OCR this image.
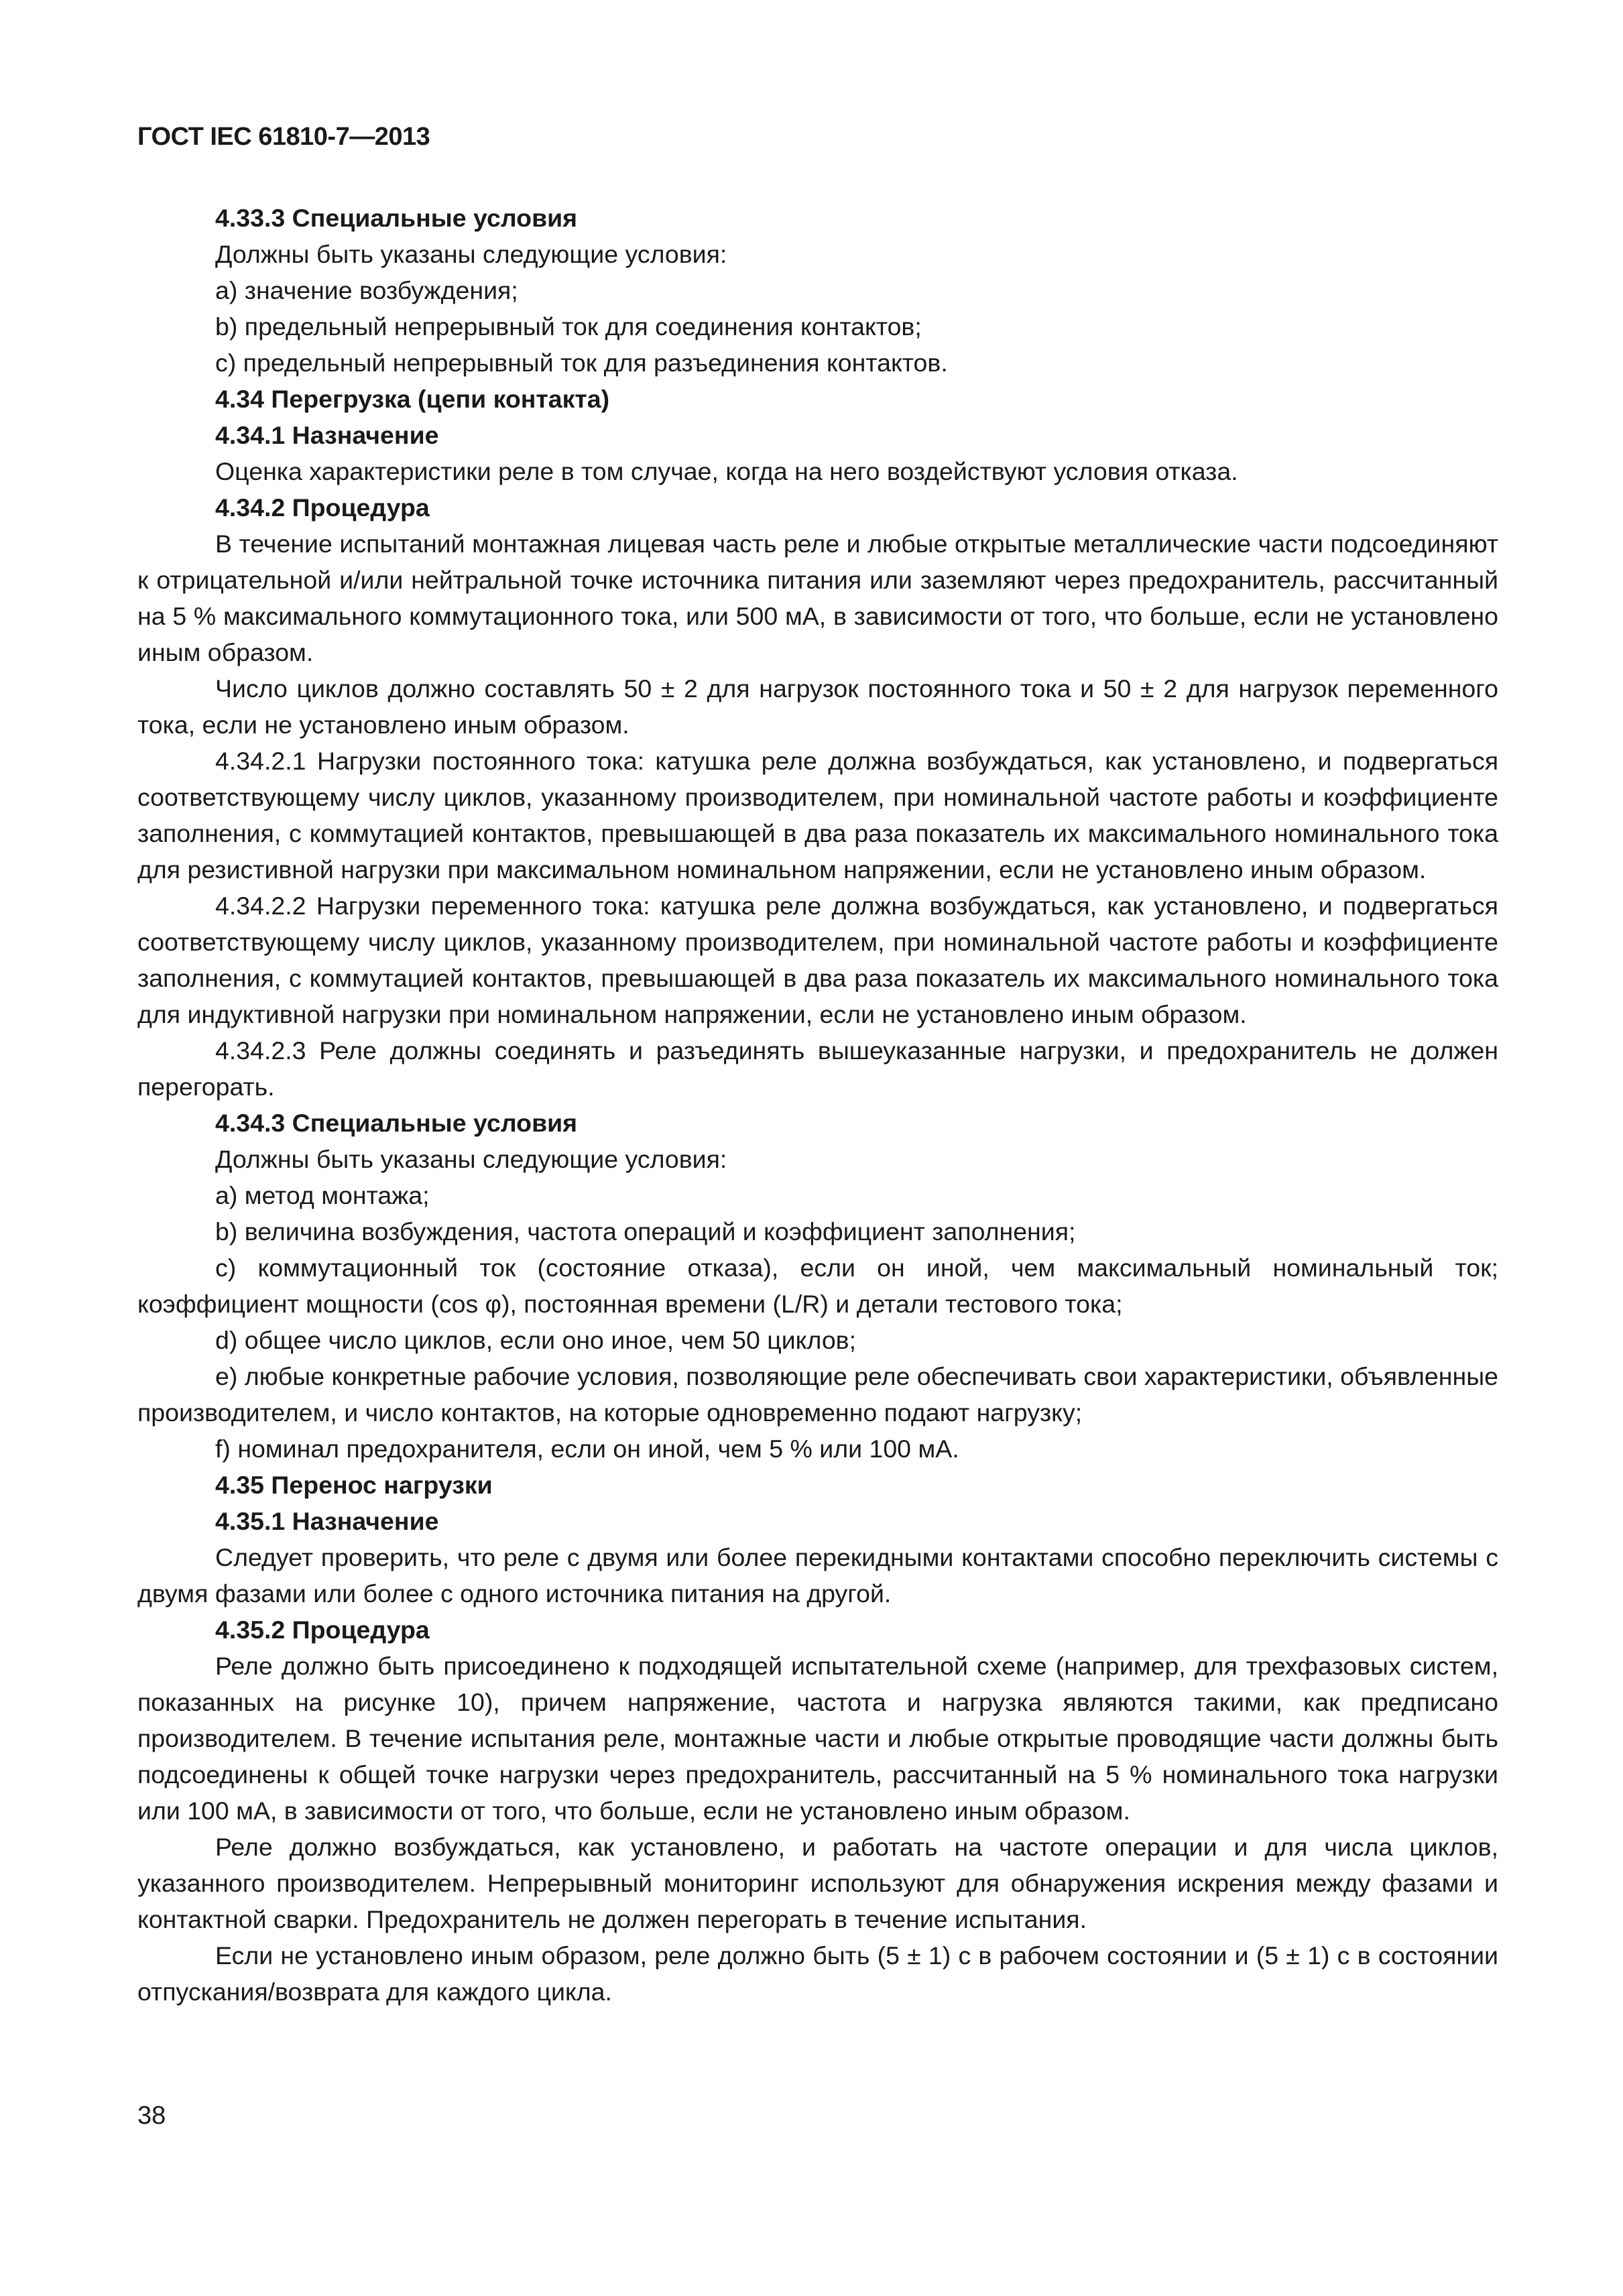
ГОСТ IEC 61810-7—2013

4.33.3 Специальные условия

Должны быть указаны следующие условия:

a) значение возбуждения;

b) предельный непрерывный ток для соединения контактов;

c) предельный непрерывный ток для разъединения контактов.

4.34 Перегрузка (цепи контакта)

4.34.1 Назначение

Оценка характеристики реле в том случае, когда на него воздействуют условия отказа.

4.34.2 Процедура

В течение испытаний монтажная лицевая часть реле и любые открытые металлические части подсоединяют к отрицательной и/или нейтральной точке источника питания или заземляют через предохранитель, рассчитанный на 5 % максимального коммутационного тока, или 500 мА, в зависимости от того, что больше, если не установлено иным образом.

Число циклов должно составлять 50 ± 2 для нагрузок постоянного тока и 50 ± 2 для нагрузок переменного тока, если не установлено иным образом.

4.34.2.1 Нагрузки постоянного тока: катушка реле должна возбуждаться, как установлено, и подвергаться соответствующему числу циклов, указанному производителем, при номинальной частоте работы и коэффициенте заполнения, с коммутацией контактов, превышающей в два раза показатель их максимального номинального тока для резистивной нагрузки при максимальном номинальном напряжении, если не установлено иным образом.

4.34.2.2 Нагрузки переменного тока: катушка реле должна возбуждаться, как установлено, и подвергаться соответствующему числу циклов, указанному производителем, при номинальной частоте работы и коэффициенте заполнения, с коммутацией контактов, превышающей в два раза показатель их максимального номинального тока для индуктивной нагрузки при номинальном напряжении, если не установлено иным образом.

4.34.2.3 Реле должны соединять и разъединять вышеуказанные нагрузки, и предохранитель не должен перегорать.

4.34.3 Специальные условия

Должны быть указаны следующие условия:

a) метод монтажа;

b) величина возбуждения, частота операций и коэффициент заполнения;

c) коммутационный ток (состояние отказа), если он иной, чем максимальный номинальный ток; коэффициент мощности (cos φ), постоянная времени (L/R) и детали тестового тока;

d) общее число циклов, если оно иное, чем 50 циклов;

e) любые конкретные рабочие условия, позволяющие реле обеспечивать свои характеристики, объявленные производителем, и число контактов, на которые одновременно подают нагрузку;

f) номинал предохранителя, если он иной, чем 5 % или 100 мА.

4.35 Перенос нагрузки

4.35.1 Назначение

Следует проверить, что реле с двумя или более перекидными контактами способно переключить системы с двумя фазами или более с одного источника питания на другой.

4.35.2 Процедура

Реле должно быть присоединено к подходящей испытательной схеме (например, для трехфазовых систем, показанных на рисунке 10), причем напряжение, частота и нагрузка являются такими, как предписано производителем. В течение испытания реле, монтажные части и любые открытые проводящие части должны быть подсоединены к общей точке нагрузки через предохранитель, рассчитанный на 5 % номинального тока нагрузки или 100 мА, в зависимости от того, что больше, если не установлено иным образом.

Реле должно возбуждаться, как установлено, и работать на частоте операции и для числа циклов, указанного производителем. Непрерывный мониторинг используют для обнаружения искрения между фазами и контактной сварки. Предохранитель не должен перегорать в течение испытания.

Если не установлено иным образом, реле должно быть (5 ± 1) с в рабочем состоянии и (5 ± 1) с в состоянии отпускания/возврата для каждого цикла.

38
